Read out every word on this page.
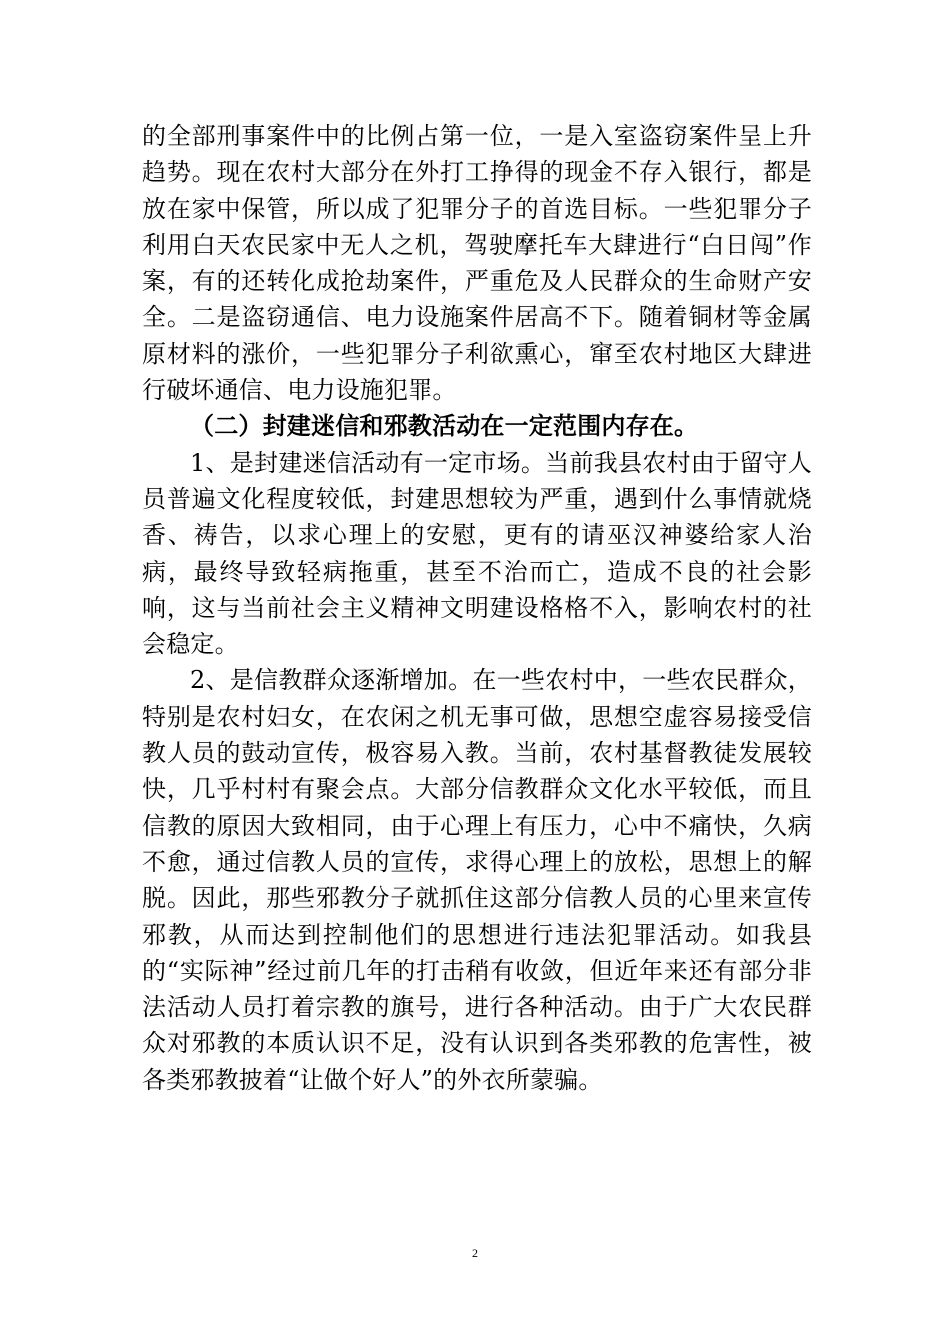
的全部刑事案件中的比例占第一位，一是入室盗窃案件呈上升趋势。现在农村大部分在外打工挣得的现金不存入银行，都是放在家中保管，所以成了犯罪分子的首选目标。一些犯罪分子利用白天农民家中无人之机，驾驶摩托车大肆进行“白日闯”作案，有的还转化成抢劫案件，严重危及人民群众的生命财产安全。二是盗窃通信、电力设施案件居高不下。随着铜材等金属原材料的涨价，一些犯罪分子利欲熏心，窜至农村地区大肆进行破坏通信、电力设施犯罪。

（二）封建迷信和邪教活动在一定范围内存在。

1、是封建迷信活动有一定市场。当前我县农村由于留守人员普遍文化程度较低，封建思想较为严重，遇到什么事情就烧香、祷告，以求心理上的安慰，更有的请巫汉神婆给家人治病，最终导致轻病拖重，甚至不治而亡，造成不良的社会影响，这与当前社会主义精神文明建设格格不入，影响农村的社会稳定。

2、是信教群众逐渐增加。在一些农村中，一些农民群众，特别是农村妇女，在农闲之机无事可做，思想空虚容易接受信教人员的鼓动宣传，极容易入教。当前，农村基督教徒发展较快，几乎村村有聚会点。大部分信教群众文化水平较低，而且信教的原因大致相同，由于心理上有压力，心中不痛快，久病不愈，通过信教人员的宣传，求得心理上的放松，思想上的解脱。因此，那些邪教分子就抓住这部分信教人员的心里来宣传邪教，从而达到控制他们的思想进行违法犯罪活动。如我县的“实际神”经过前几年的打击稍有收敛，但近年来还有部分非法活动人员打着宗教的旗号，进行各种活动。由于广大农民群众对邪教的本质认识不足，没有认识到各类邪教的危害性，被各类邪教披着“让做个好人”的外衣所蒙骗。

2
